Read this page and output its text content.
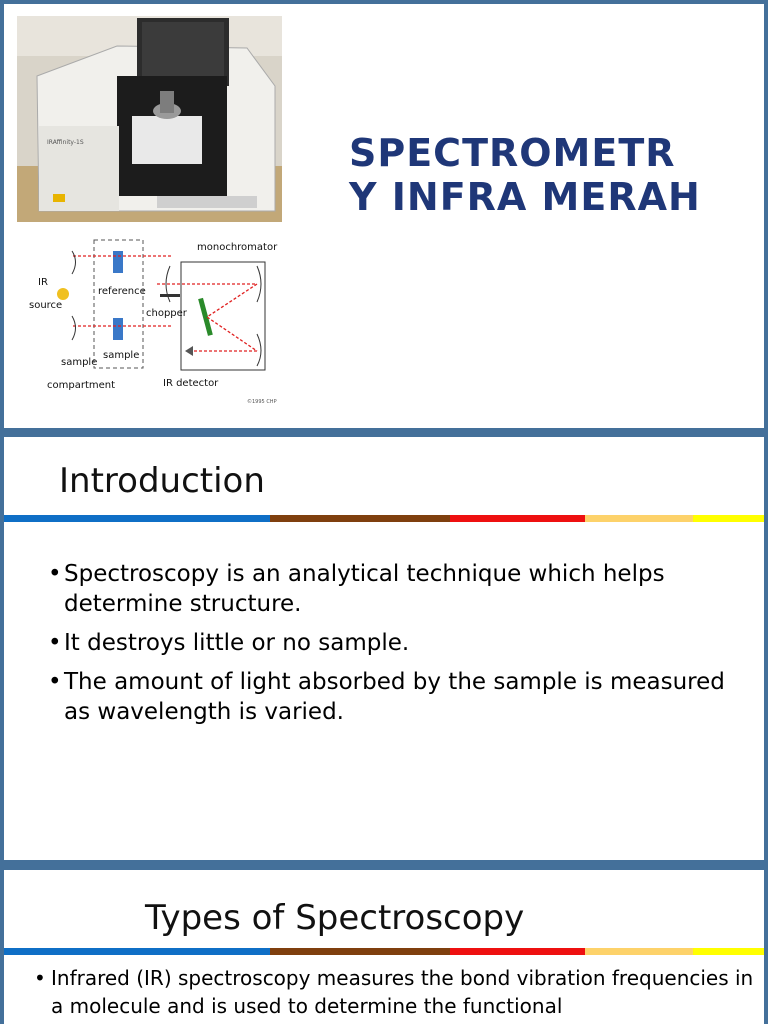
IRAffinity-1S
IR
source
reference
sample
chopper
monochromator
sample
compartment	IR detector
©1995 CHP
SPECTROMETR
Y INFRA MERAH
Introduction
• Spectroscopy is an analytical technique which helps determine structure.
• It destroys little or no sample.
• The amount of light absorbed by the sample is measured as wavelength is varied.
Types of Spectroscopy
• Infrared (IR) spectroscopy measures the bond vibration frequencies in a molecule and is used to determine the functional
